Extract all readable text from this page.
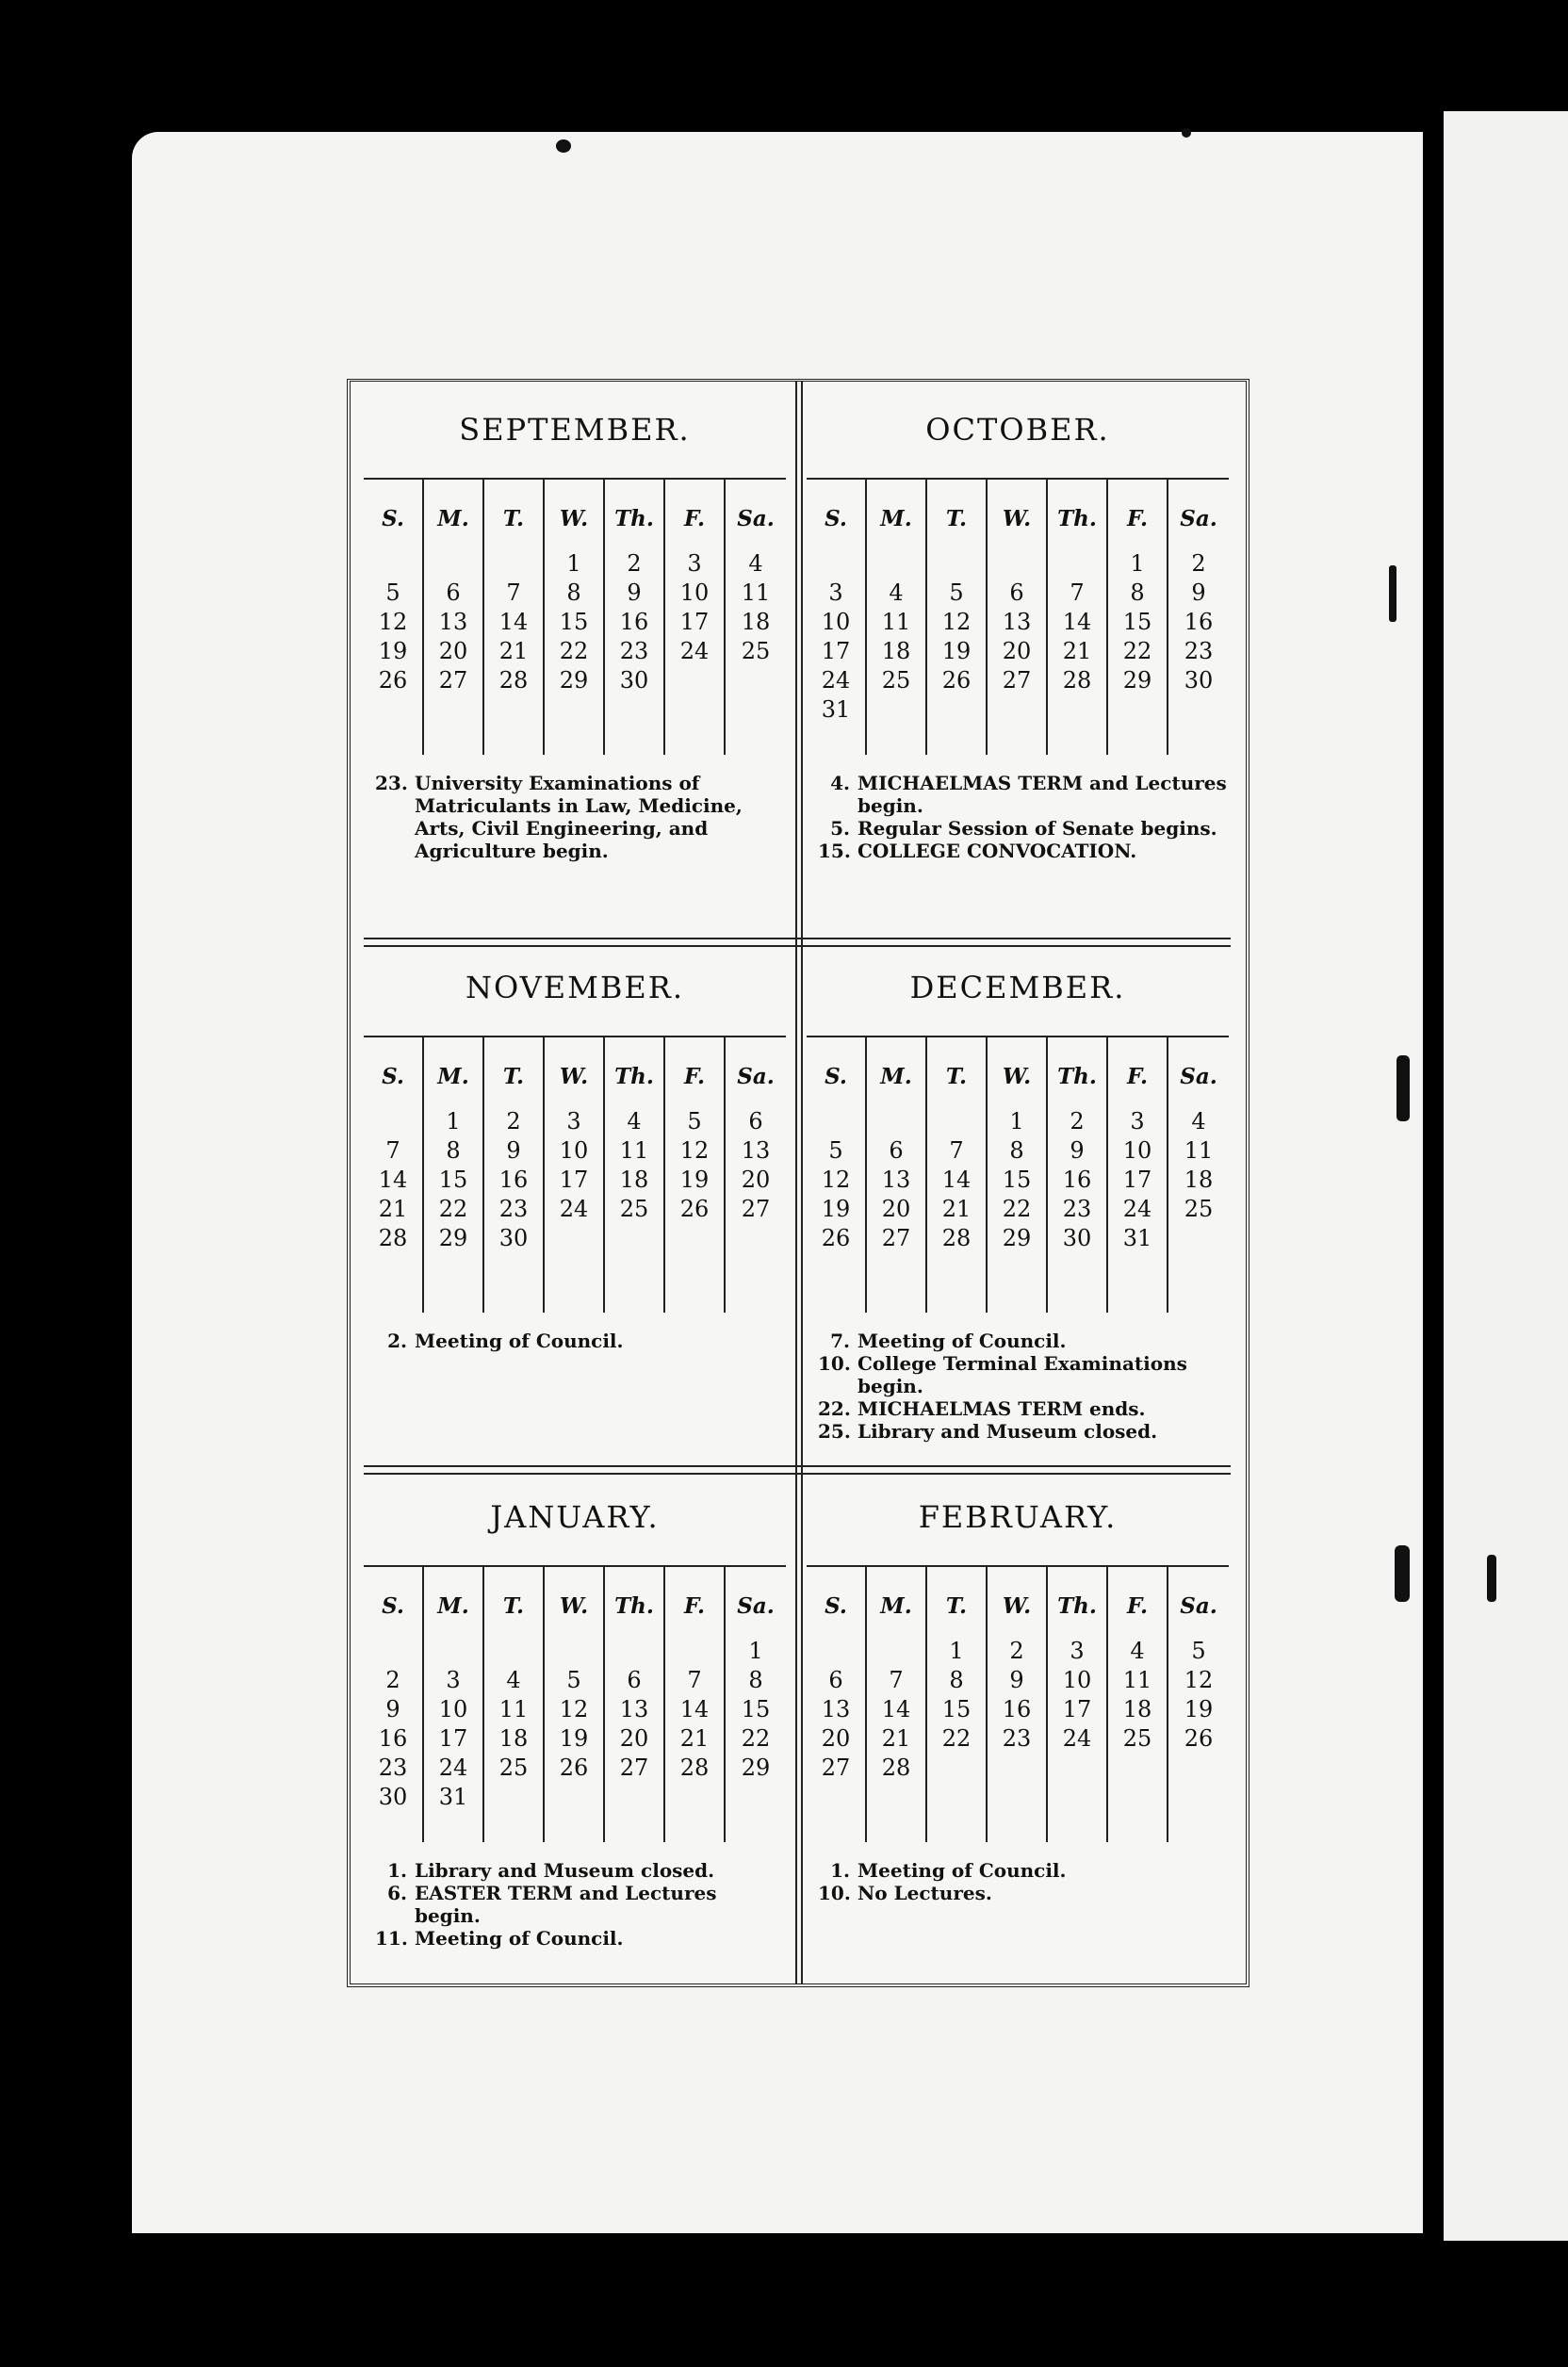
SEPTEMBER.
S.
5
12
19
26
M.
6
13
20
27
T.
7
14
21
28
W.
1
8
15
22
29
Th.
2
9
16
23
30
F.
3
10
17
24
Sa.
4
11
18
25
23. University Examinations of Matriculants in Law, Medicine, Arts, Civil Engineering, and Agriculture begin.
OCTOBER.
S.
3
10
17
24
31
M.
4
11
18
25
T.
5
12
19
26
W.
6
13
20
27
Th.
7
14
21
28
F.
1
8
15
22
29
Sa.
2
9
16
23
30
4. MICHAELMAS TERM and Lectures begin.
5. Regular Session of Senate begins.
15. COLLEGE CONVOCATION.
NOVEMBER.
S.
7
14
21
28
M.
1
8
15
22
29
T.
2
9
16
23
30
W.
3
10
17
24
Th.
4
11
18
25
F.
5
12
19
26
Sa.
6
13
20
27
2. Meeting of Council.
DECEMBER.
S.
5
12
19
26
M.
6
13
20
27
T.
7
14
21
28
W.
1
8
15
22
29
Th.
2
9
16
23
30
F.
3
10
17
24
31
Sa.
4
11
18
25
7. Meeting of Council.
10. College Terminal Examinations begin.
22. MICHAELMAS TERM ends.
25. Library and Museum closed.
JANUARY.
S.
2
9
16
23
30
M.
3
10
17
24
31
T.
4
11
18
25
W.
5
12
19
26
Th.
6
13
20
27
F.
7
14
21
28
Sa.
1
8
15
22
29
1. Library and Museum closed.
6. EASTER TERM and Lectures begin.
11. Meeting of Council.
FEBRUARY.
S.
6
13
20
27
M.
7
14
21
28
T.
1
8
15
22
W.
2
9
16
23
Th.
3
10
17
24
F.
4
11
18
25
Sa.
5
12
19
26
1. Meeting of Council.
10. No Lectures.
